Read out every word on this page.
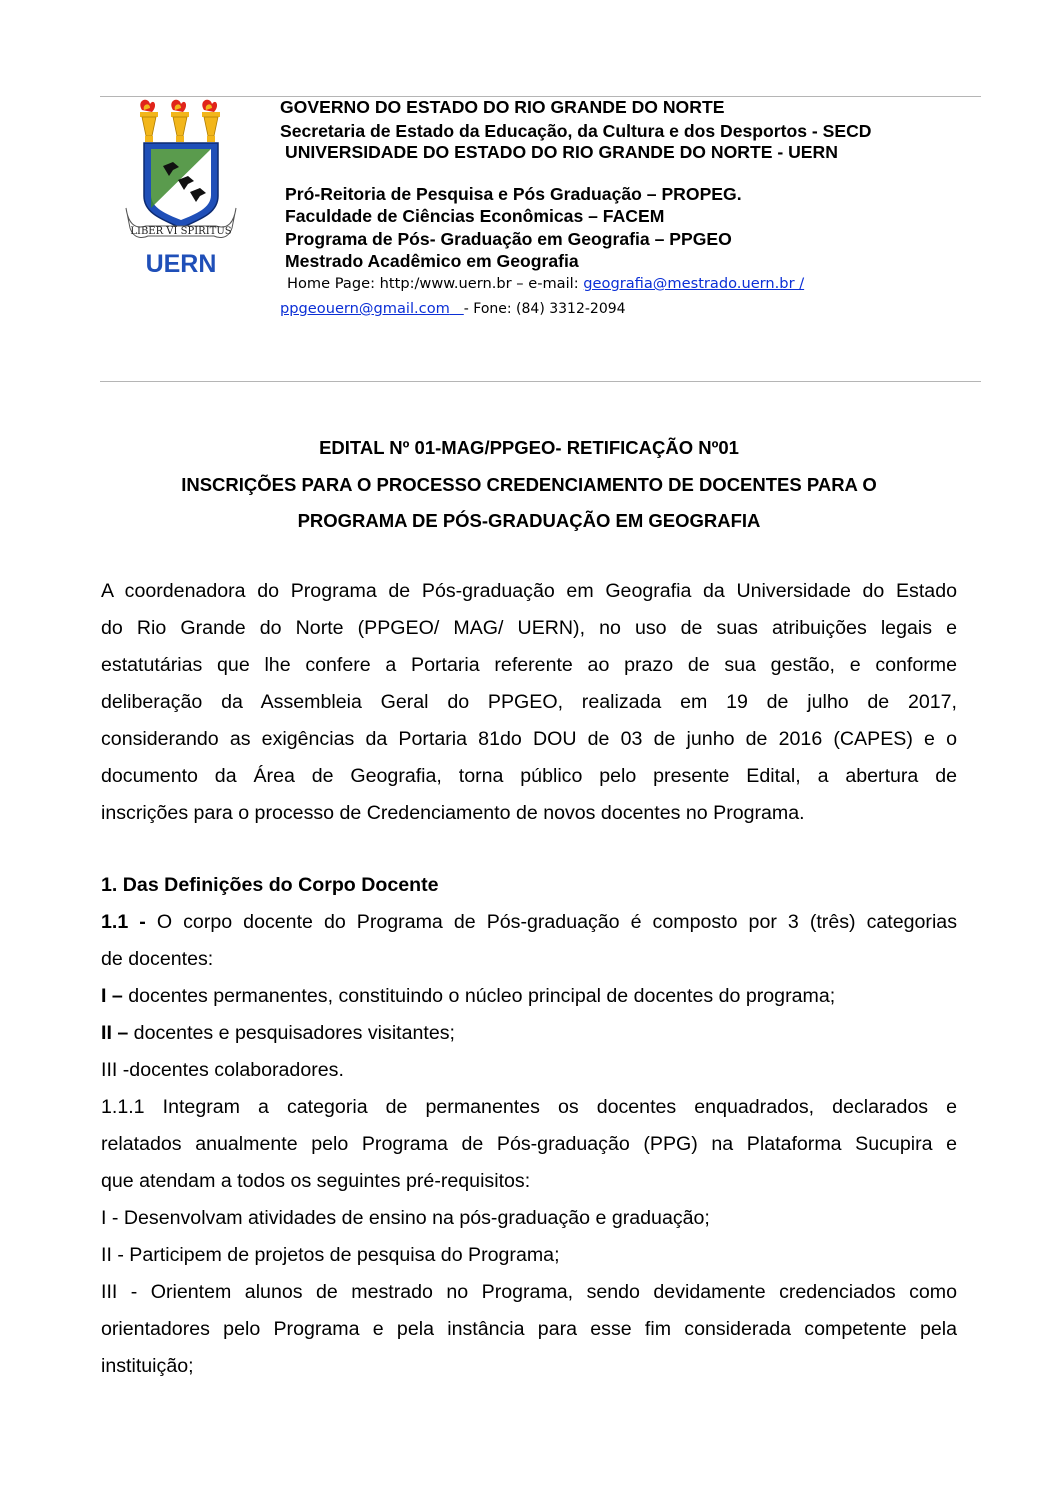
LIBER VI SPIRITUS
UERN
GOVERNO DO ESTADO DO RIO GRANDE DO NORTE
Secretaria de Estado da Educação, da Cultura e dos Desportos - SECD
UNIVERSIDADE DO ESTADO DO RIO GRANDE DO NORTE - UERN
Pró-Reitoria de Pesquisa e Pós Graduação – PROPEG.
Faculdade de Ciências Econômicas – FACEM
Programa de Pós- Graduação em Geografia – PPGEO
Mestrado Acadêmico em Geografia
Home Page: http:/www.uern.br – e-mail: geografia@mestrado.uern.br /
ppgeouern@gmail.com - Fone: (84) 3312-2094
EDITAL Nº 01-MAG/PPGEO- RETIFICAÇÃO Nº01
INSCRIÇÕES PARA O PROCESSO CREDENCIAMENTO DE DOCENTES PARA O
PROGRAMA DE PÓS-GRADUAÇÃO EM GEOGRAFIA
A coordenadora do Programa de Pós-graduação em Geografia da Universidade do Estado
do Rio Grande do Norte (PPGEO/ MAG/ UERN), no uso de suas atribuições legais e
estatutárias que lhe confere a Portaria referente ao prazo de sua gestão, e conforme
deliberação da Assembleia Geral do PPGEO, realizada em 19 de julho de 2017,
considerando as exigências da Portaria 81do DOU de 03 de junho de 2016 (CAPES) e o
documento da Área de Geografia, torna público pelo presente Edital, a abertura de
inscrições para o processo de Credenciamento de novos docentes no Programa.
1. Das Definições do Corpo Docente
1.1 - O corpo docente do Programa de Pós-graduação é composto por 3 (três) categorias
de docentes:
I – docentes permanentes, constituindo o núcleo principal de docentes do programa;
II – docentes e pesquisadores visitantes;
III -docentes colaboradores.
1.1.1 Integram a categoria de permanentes os docentes enquadrados, declarados e
relatados anualmente pelo Programa de Pós-graduação (PPG) na Plataforma Sucupira e
que atendam a todos os seguintes pré-requisitos:
I - Desenvolvam atividades de ensino na pós-graduação e graduação;
II - Participem de projetos de pesquisa do Programa;
III - Orientem alunos de mestrado no Programa, sendo devidamente credenciados como
orientadores pelo Programa e pela instância para esse fim considerada competente pela
instituição;
